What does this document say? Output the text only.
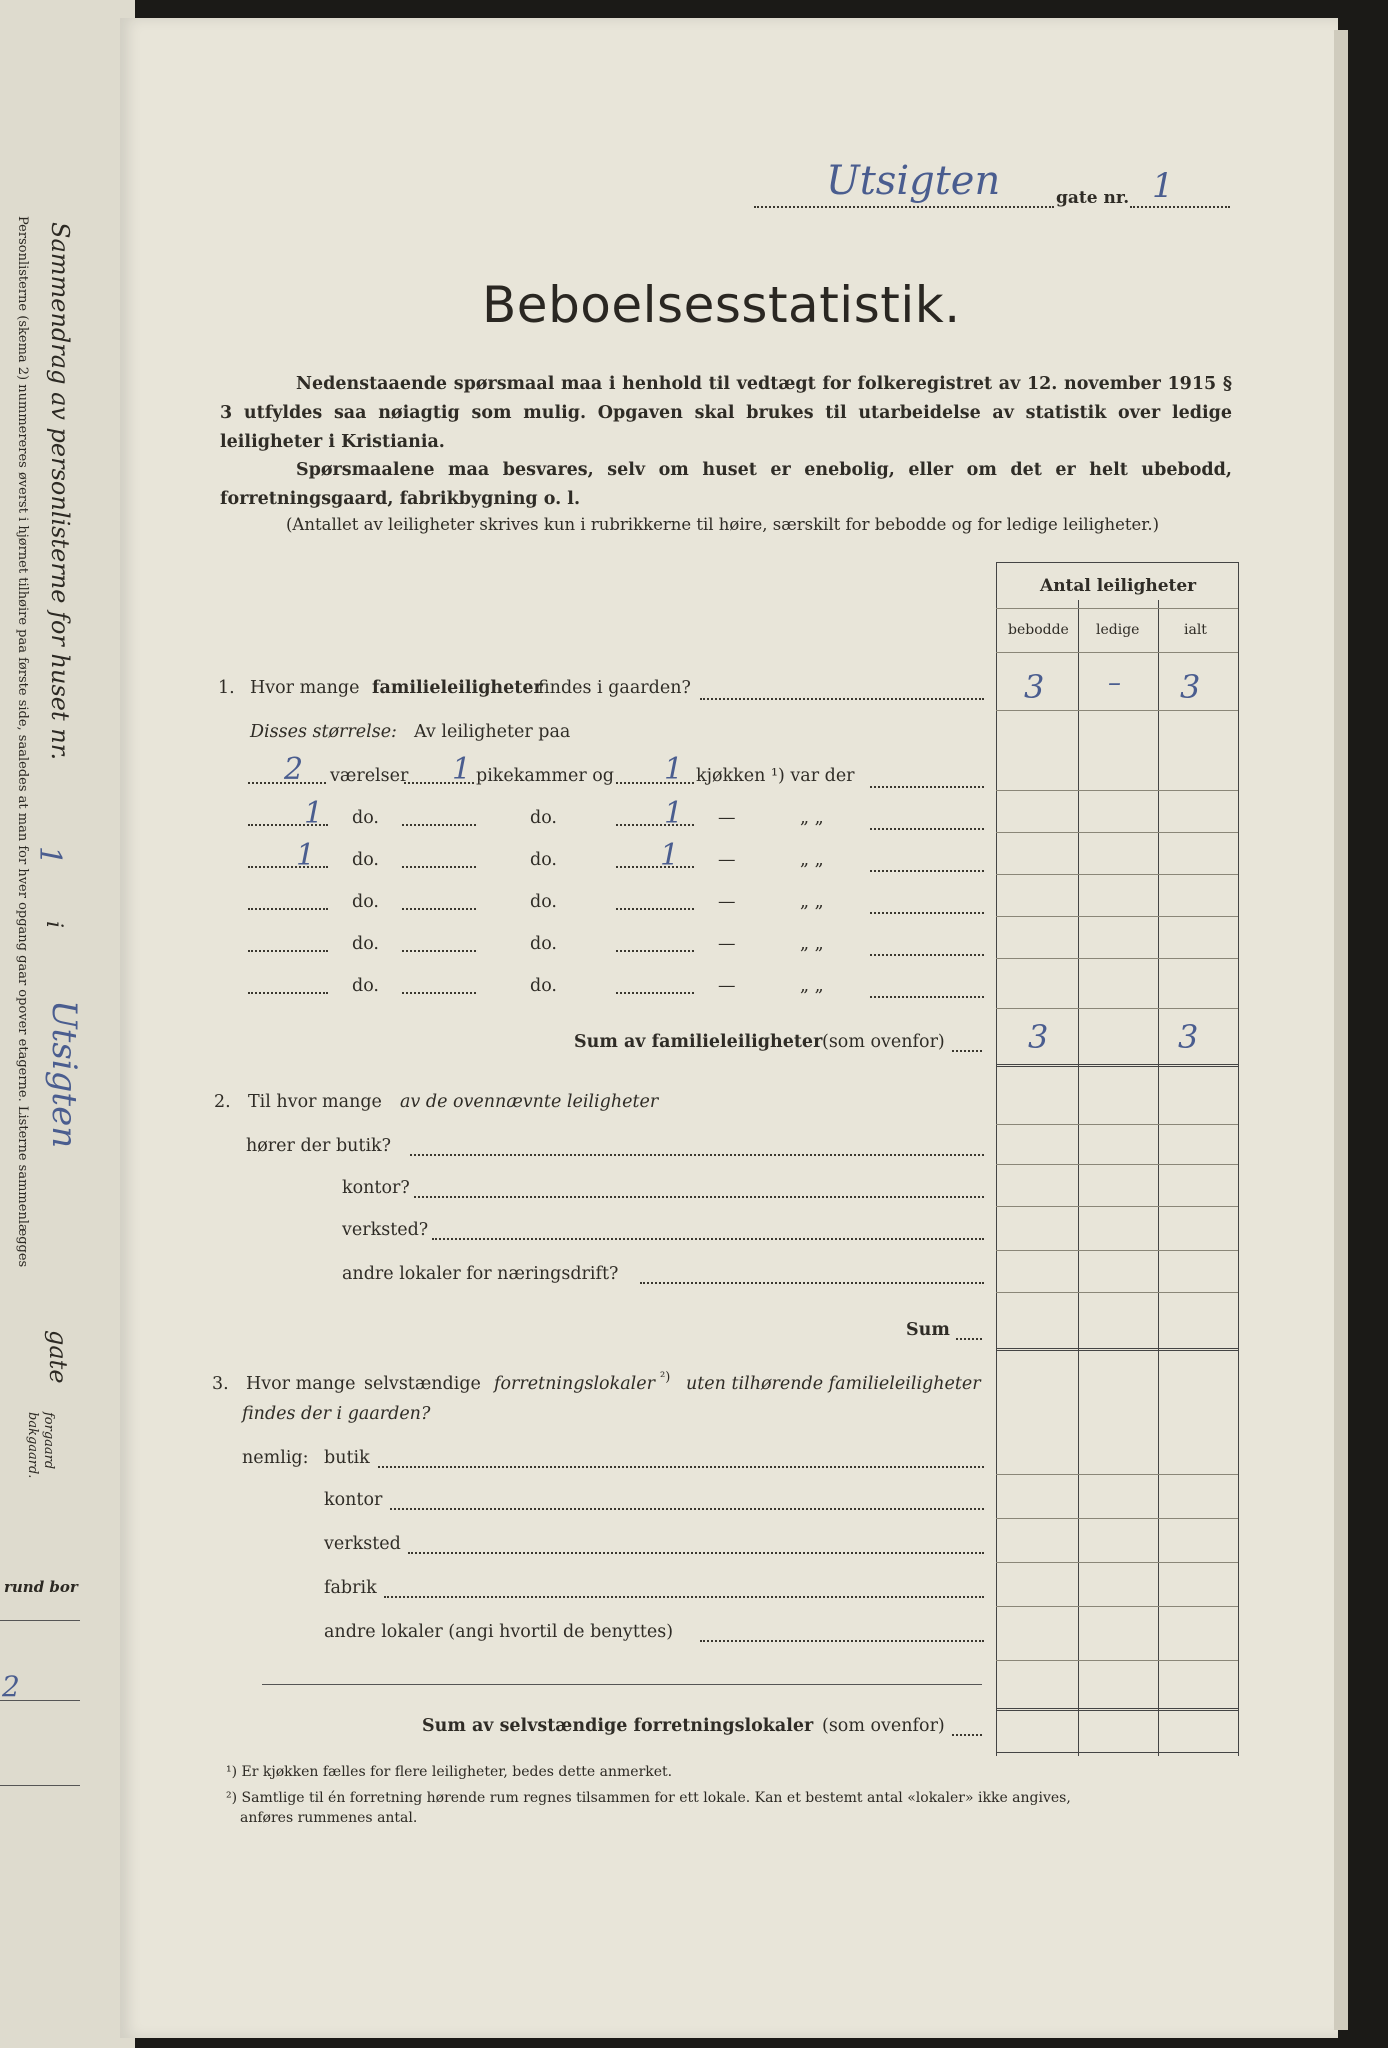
Sammendrag av personlisterne for huset nr.
Personlisterne (skema 2) nummereres øverst i hjørnet tilhøire paa første side, saaledes at man for hver opgang gaar opover etagerne. Listerne sammenlægges 1
i
Utsigten
gate
forgaard
bakgaard.
rund bor
2
Utsigten	gate nr. 1
Beboelsesstatistik.
Nedenstaaende spørsmaal maa i henhold til vedtægt for folkeregistret av 12. november 1915 § 3 utfyldes saa nøiagtig som mulig. Opgaven skal brukes til utarbeidelse av statistik over ledige leiligheter i Kristiania.
Spørsmaalene maa besvares, selv om huset er enebolig, eller om det er helt ubebodd, forretningsgaard, fabrikbygning o. l.
(Antallet av leiligheter skrives kun i rubrikkerne til høire, særskilt for bebodde og for ledige leiligheter.)
Antal leiligheter
bebodde ledige	ialt
1. Hvor mange familieleiligheter
findes i gaarden?	3 – 3
Disses størrelse: Av leiligheter paa
2 værelser 1 pikekammer og 1 kjøkken ¹) var der
1 do.	do.	1 —	„ „
1 do.	do.	1 —	„ „
do.	do.	—	„ „
do.	do.	—	„ „
do.	do.	—	„ „
Sum av familieleiligheter (som ovenfor)	3	3
2. Til hvor mange av de ovennævnte leiligheter
hører der butik?
kontor?
verksted?
andre lokaler for næringsdrift?
Sum
3. Hvor mange selvstændige forretningslokaler ²) uten tilhørende familieleiligheter
findes der i gaarden?
nemlig: butik
kontor
verksted
fabrik
andre lokaler (angi hvortil de benyttes)
Sum av selvstændige forretningslokaler (som ovenfor)
¹) Er kjøkken fælles for flere leiligheter, bedes dette anmerket.
²) Samtlige til én forretning hørende rum regnes tilsammen for ett lokale. Kan et bestemt antal «lokaler» ikke angives,
anføres rummenes antal.
